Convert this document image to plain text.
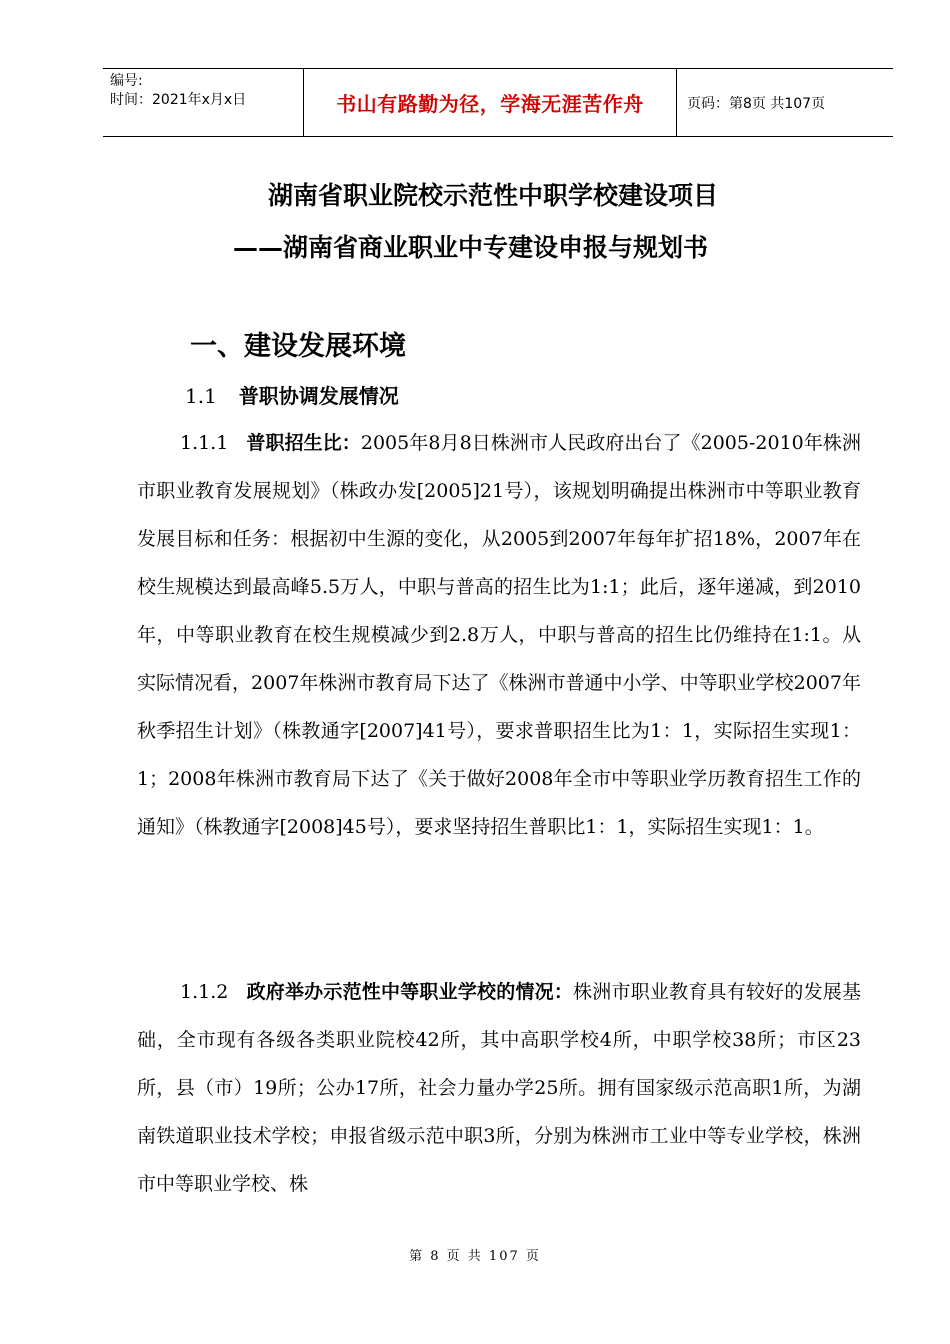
编号:
时间：2021年x月x日	书山有路勤为径，学海无涯苦作舟	页码：第8页 共107页
湖南省职业院校示范性中职学校建设项目
——湖南省商业职业中专建设申报与规划书
一、建设发展环境
1.1 普职协调发展情况
1.1.1 普职招生比：2005年8月8日株洲市人民政府出台了《2005-2010年株洲市职业教育发展规划》（株政办发[2005]21号），该规划明确提出株洲市中等职业教育发展目标和任务：根据初中生源的变化，从2005到2007年每年扩招18%，2007年在校生规模达到最高峰5.5万人，中职与普高的招生比为1:1；此后，逐年递减，到2010年，中等职业教育在校生规模减少到2.8万人，中职与普高的招生比仍维持在1:1。从实际情况看，2007年株洲市教育局下达了《株洲市普通中小学、中等职业学校2007年秋季招生计划》（株教通字[2007]41号），要求普职招生比为1：1，实际招生实现1：1；2008年株洲市教育局下达了《关于做好2008年全市中等职业学历教育招生工作的通知》（株教通字[2008]45号），要求坚持招生普职比1：1，实际招生实现1：1。
1.1.2 政府举办示范性中等职业学校的情况：株洲市职业教育具有较好的发展基础，全市现有各级各类职业院校42所，其中高职学校4所，中职学校38所；市区23所，县（市）19所；公办17所，社会力量办学25所。拥有国家级示范高职1所，为湖南铁道职业技术学校；申报省级示范中职3所，分别为株洲市工业中等专业学校，株洲市中等职业学校、株
第 8 页 共 107 页
